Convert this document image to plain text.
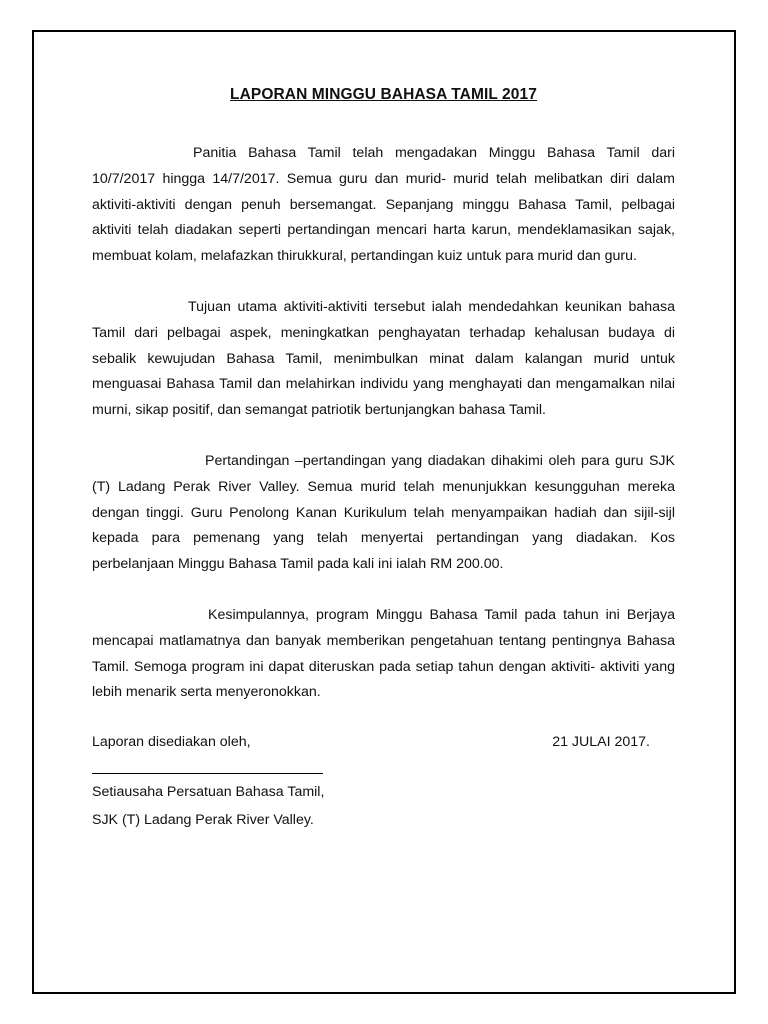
LAPORAN MINGGU BAHASA TAMIL 2017
Panitia Bahasa Tamil telah mengadakan Minggu Bahasa Tamil dari 10/7/2017 hingga 14/7/2017. Semua guru dan murid- murid telah melibatkan diri dalam aktiviti-aktiviti dengan penuh bersemangat. Sepanjang minggu Bahasa Tamil, pelbagai aktiviti telah diadakan seperti pertandingan mencari harta karun, mendeklamasikan sajak, membuat kolam, melafazkan thirukkural, pertandingan kuiz untuk para murid dan guru.
Tujuan utama aktiviti-aktiviti tersebut ialah mendedahkan keunikan bahasa Tamil dari pelbagai aspek, meningkatkan penghayatan terhadap kehalusan budaya di sebalik kewujudan Bahasa Tamil, menimbulkan minat dalam kalangan murid untuk menguasai Bahasa Tamil dan melahirkan individu yang menghayati dan mengamalkan nilai murni, sikap positif, dan semangat patriotik bertunjangkan bahasa Tamil.
Pertandingan –pertandingan yang diadakan dihakimi oleh para guru SJK (T) Ladang Perak River Valley. Semua murid telah menunjukkan kesungguhan mereka dengan tinggi. Guru Penolong Kanan Kurikulum telah menyampaikan hadiah dan sijil-sijl kepada para pemenang yang telah menyertai pertandingan yang diadakan. Kos perbelanjaan Minggu Bahasa Tamil pada kali ini ialah RM 200.00.
Kesimpulannya, program Minggu Bahasa Tamil pada tahun ini Berjaya mencapai matlamatnya dan banyak memberikan pengetahuan tentang pentingnya Bahasa Tamil. Semoga program ini dapat diteruskan pada setiap tahun dengan aktiviti- aktiviti yang lebih menarik serta menyeronokkan.
Laporan disediakan oleh,	21 JULAI 2017.
Setiausaha Persatuan Bahasa Tamil,
SJK (T) Ladang Perak River Valley.
